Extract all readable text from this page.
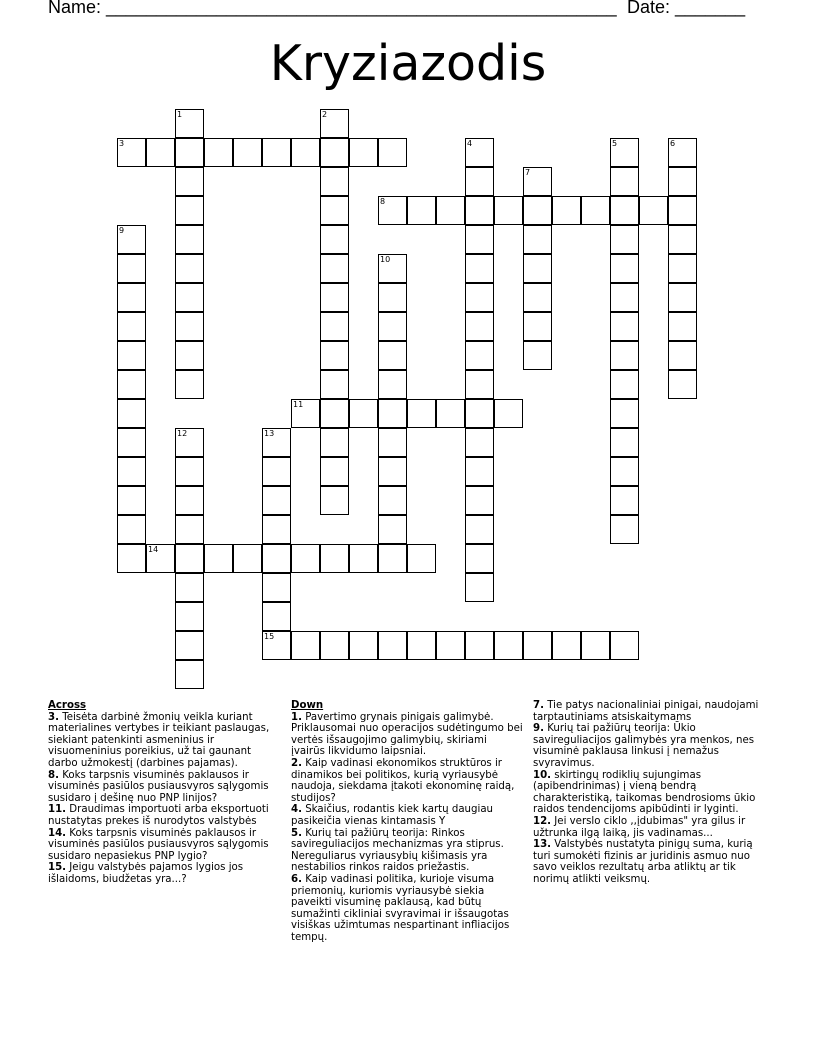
Name: ___________________________________________________ Date: _______
Kryziazodis
1	2
3	4	5	6
7
8
9
10
11
12	13
14
15
Across
3. Teisėta darbinė žmonių veikla kuriant materialines vertybes ir teikiant paslaugas, siekiant patenkinti asmeninius ir visuomeninius poreikius, už tai gaunant darbo užmokestį (darbines pajamas).
8. Koks tarpsnis visuminės paklausos ir visuminės pasiūlos pusiausvyros sąlygomis susidaro į dešinę nuo PNP linijos?
11. Draudimas importuoti arba eksportuoti nustatytas prekes iš nurodytos valstybės
14. Koks tarpsnis visuminės paklausos ir visuminės pasiūlos pusiausvyros sąlygomis susidaro nepasiekus PNP lygio?
15. Jeigu valstybės pajamos lygios jos išlaidoms, biudžetas yra...?
Down
1. Pavertimo grynais pinigais galimybė. Priklausomai nuo operacijos sudėtingumo bei vertės išsaugojimo galimybių, skiriami įvairūs likvidumo laipsniai.
2. Kaip vadinasi ekonomikos struktūros ir dinamikos bei politikos, kurią vyriausybė naudoja, siekdama įtakoti ekonominę raidą, studijos?
4. Skaičius, rodantis kiek kartų daugiau pasikeičia vienas kintamasis Y
5. Kurių tai pažiūrų teorija: Rinkos savireguliacijos mechanizmas yra stiprus. Nereguliarus vyriausybių kišimasis yra nestabilios rinkos raidos priežastis.
6. Kaip vadinasi politika, kurioje visuma priemonių, kuriomis vyriausybė siekia paveikti visuminę paklausą, kad būtų sumažinti cikliniai svyravimai ir išsaugotas visiškas užimtumas nespartinant infliacijos tempų.
7. Tie patys nacionaliniai pinigai, naudojami tarptautiniams atsiskaitymams
9. Kurių tai pažiūrų teorija: Ūkio savireguliacijos galimybės yra menkos, nes visuminė paklausa linkusi į nemažus svyravimus.
10. skirtingų rodiklių sujungimas (apibendrinimas) į vieną bendrą charakteristiką, taikomas bendrosioms ūkio raidos tendencijoms apibūdinti ir lyginti.
12. Jei verslo ciklo ,,įdubimas" yra gilus ir užtrunka ilgą laiką, jis vadinamas...
13. Valstybės nustatyta pinigų suma, kurią turi sumokėti fizinis ar juridinis asmuo nuo savo veiklos rezultatų arba atliktų ar tik norimų atlikti veiksmų.
